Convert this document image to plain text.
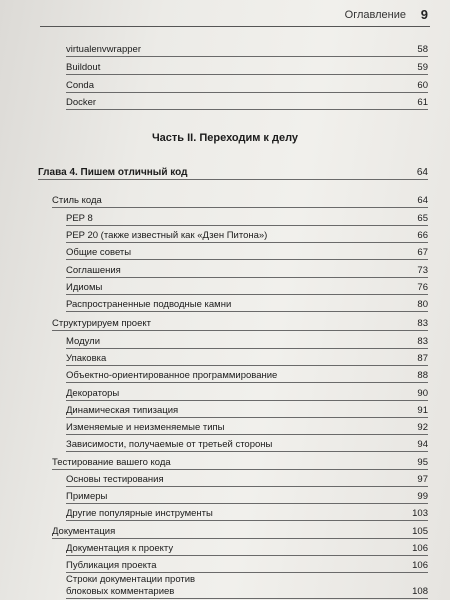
Оглавление 9
virtualenvwrapper	58
Buildout	59
Conda	60
Docker	61
Часть II. Переходим к делу
Глава 4. Пишем отличный код	64
Стиль кода	64
PEP 8	65
PEP 20 (также известный как «Дзен Питона»)	66
Общие советы	67
Соглашения	73
Идиомы	76
Распространенные подводные камни	80
Структурируем проект	83
Модули	83
Упаковка	87
Объектно-ориентированное программирование	88
Декораторы	90
Динамическая типизация	91
Изменяемые и неизменяемые типы	92
Зависимости, получаемые от третьей стороны	94
Тестирование вашего кода	95
Основы тестирования	97
Примеры	99
Другие популярные инструменты	103
Документация	105
Документация к проекту	106
Публикация проекта	106
Строки документации против блоковых комментариев	108
